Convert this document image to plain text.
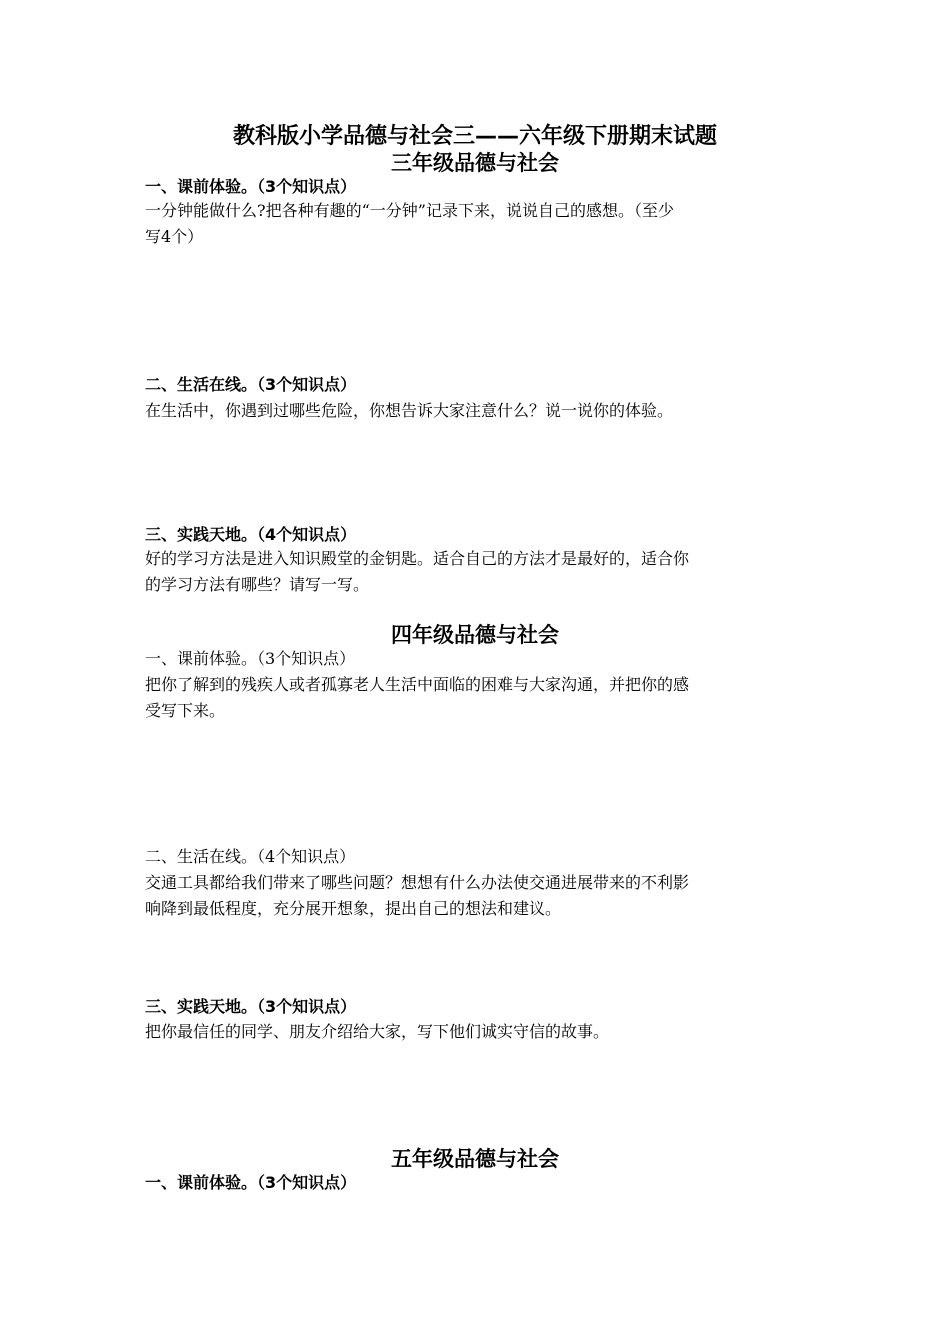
教科版小学品德与社会三——六年级下册期末试题
三年级品德与社会
一、课前体验。（3个知识点）
一分钟能做什么?把各种有趣的“一分钟”记录下来，说说自己的感想。（至少
写4个）
二、生活在线。（3个知识点）
在生活中，你遇到过哪些危险，你想告诉大家注意什么？说一说你的体验。
三、实践天地。（4个知识点）
好的学习方法是进入知识殿堂的金钥匙。适合自己的方法才是最好的，适合你
的学习方法有哪些？请写一写。
四年级品德与社会
一、课前体验。（3个知识点）
把你了解到的残疾人或者孤寡老人生活中面临的困难与大家沟通，并把你的感
受写下来。
二、生活在线。（4个知识点）
交通工具都给我们带来了哪些问题？想想有什么办法使交通进展带来的不利影
响降到最低程度，充分展开想象，提出自己的想法和建议。
三、实践天地。（3个知识点）
把你最信任的同学、朋友介绍给大家，写下他们诚实守信的故事。
五年级品德与社会
一、课前体验。（3个知识点）
